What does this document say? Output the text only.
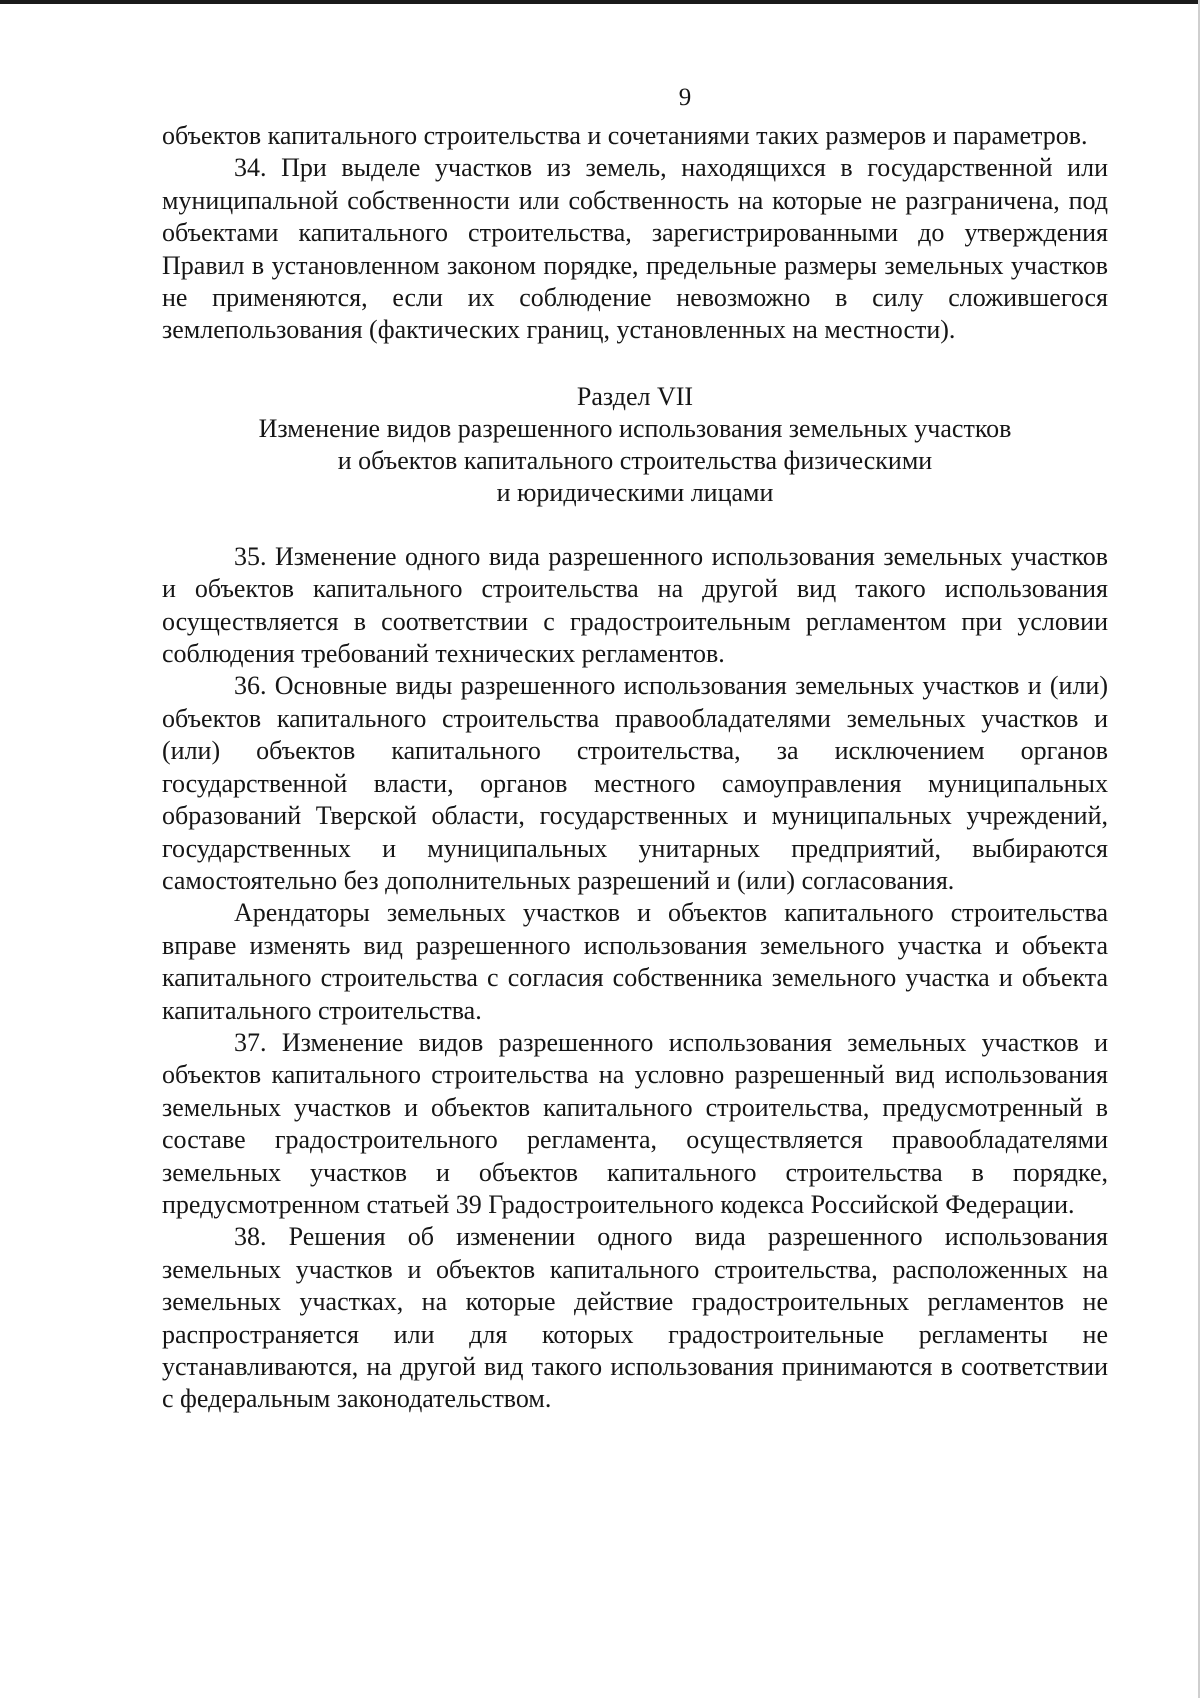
9

объектов капитального строительства и сочетаниями таких размеров и параметров.

34. При выделе участков из земель, находящихся в государственной или муниципальной собственности или собственность на которые не разграничена, под объектами капитального строительства, зарегистрированными до утверждения Правил в установленном законом порядке, предельные размеры земельных участков не применяются, если их соблюдение невозможно в силу сложившегося землепользования (фактических границ, установленных на местности).

Раздел VII
Изменение видов разрешенного использования земельных участков
и объектов капитального строительства физическими
и юридическими лицами

35. Изменение одного вида разрешенного использования земельных участков и объектов капитального строительства на другой вид такого использования осуществляется в соответствии с градостроительным регламентом при условии соблюдения требований технических регламентов.

36. Основные виды разрешенного использования земельных участков и (или) объектов капитального строительства правообладателями земельных участков и (или) объектов капитального строительства, за исключением органов государственной власти, органов местного самоуправления муниципальных образований Тверской области, государственных и муниципальных учреждений, государственных и муниципальных унитарных предприятий, выбираются самостоятельно без дополнительных разрешений и (или) согласования.

Арендаторы земельных участков и объектов капитального строительства вправе изменять вид разрешенного использования земельного участка и объекта капитального строительства с согласия собственника земельного участка и объекта капитального строительства.

37. Изменение видов разрешенного использования земельных участков и объектов капитального строительства на условно разрешенный вид использования земельных участков и объектов капитального строительства, предусмотренный в составе градостроительного регламента, осуществляется правообладателями земельных участков и объектов капитального строительства в порядке, предусмотренном статьей 39 Градостроительного кодекса Российской Федерации.

38. Решения об изменении одного вида разрешенного использования земельных участков и объектов капитального строительства, расположенных на земельных участках, на которые действие градостроительных регламентов не распространяется или для которых градостроительные регламенты не устанавливаются, на другой вид такого использования принимаются в соответствии с федеральным законодательством.
